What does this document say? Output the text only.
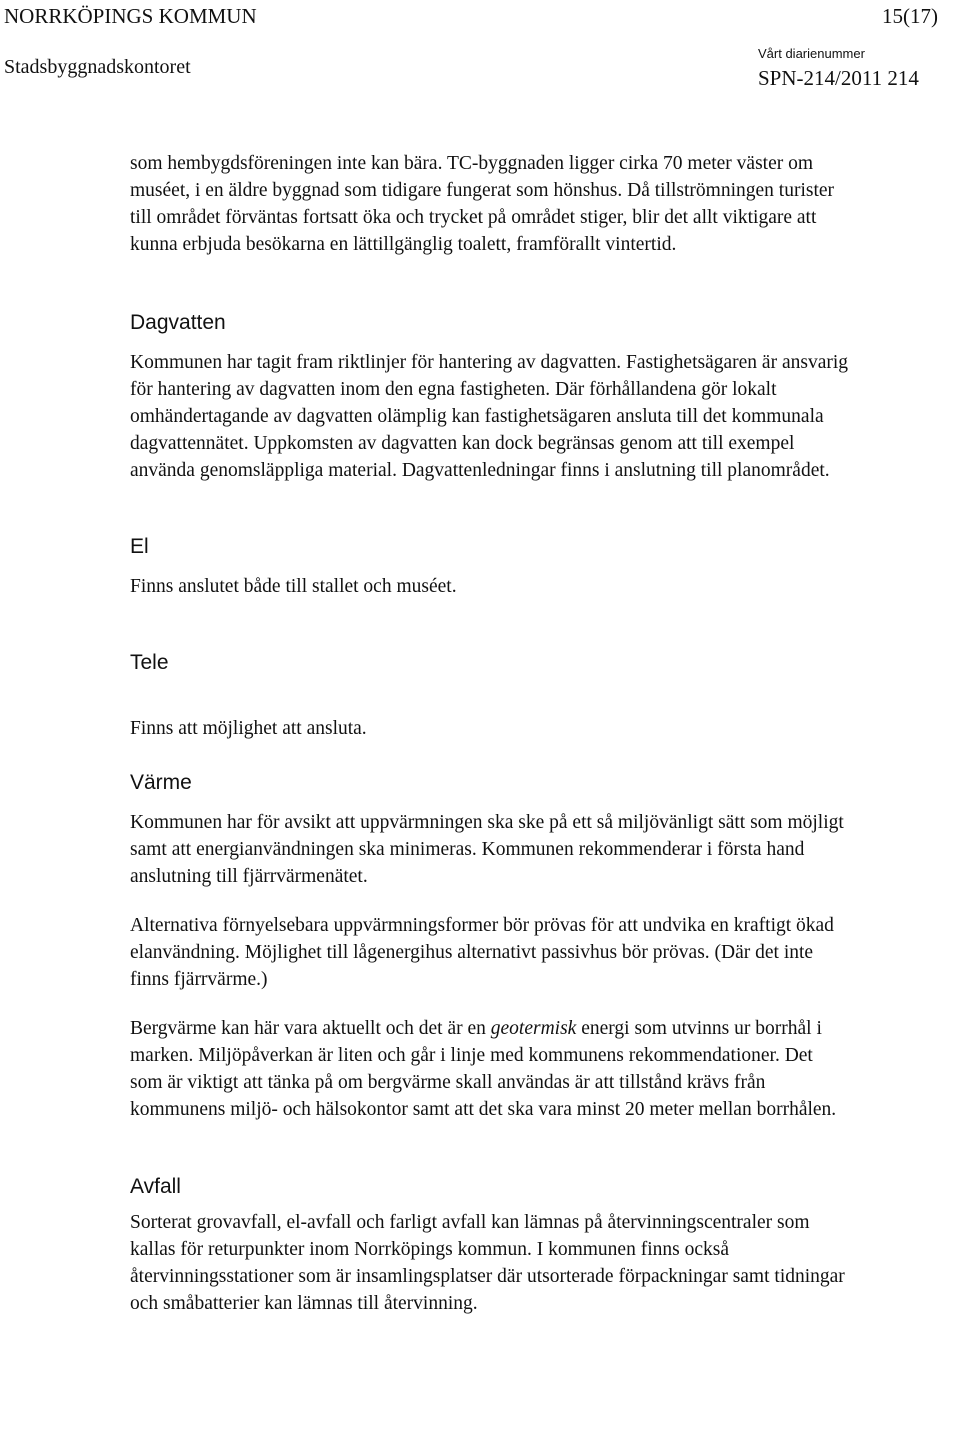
NORRKÖPINGS KOMMUN	15(17)
Stadsbyggnadskontoret
Vårt diarienummer
SPN-214/2011 214

som hembygdsföreningen inte kan bära. TC-byggnaden ligger cirka 70 meter väster om muséet, i en äldre byggnad som tidigare fungerat som hönshus. Då tillströmningen turister till området förväntas fortsatt öka och trycket på området stiger, blir det allt viktigare att kunna erbjuda besökarna en lättillgänglig toalett, framförallt vintertid.

Dagvatten

Kommunen har tagit fram riktlinjer för hantering av dagvatten. Fastighetsägaren är ansvarig för hantering av dagvatten inom den egna fastigheten. Där förhållandena gör lokalt omhändertagande av dagvatten olämplig kan fastighetsägaren ansluta till det kommunala dagvattennätet. Uppkomsten av dagvatten kan dock begränsas genom att till exempel använda genomsläppliga material. Dagvattenledningar finns i anslutning till planområdet.

El

Finns anslutet både till stallet och muséet.

Tele

Finns att möjlighet att ansluta.

Värme

Kommunen har för avsikt att uppvärmningen ska ske på ett så miljövänligt sätt som möjligt samt att energianvändningen ska minimeras. Kommunen rekommenderar i första hand anslutning till fjärrvärmenätet.

Alternativa förnyelsebara uppvärmningsformer bör prövas för att undvika en kraftigt ökad elanvändning. Möjlighet till lågenergihus alternativt passivhus bör prövas. (Där det inte finns fjärrvärme.)

Bergvärme kan här vara aktuellt och det är en geotermisk energi som utvinns ur borrhål i marken. Miljöpåverkan är liten och går i linje med kommunens rekommendationer. Det som är viktigt att tänka på om bergvärme skall användas är att tillstånd krävs från kommunens miljö- och hälsokontor samt att det ska vara minst 20 meter mellan borrhålen.

Avfall

Sorterat grovavfall, el-avfall och farligt avfall kan lämnas på återvinningscentraler som kallas för returpunkter inom Norrköpings kommun. I kommunen finns också återvinningsstationer som är insamlingsplatser där utsorterade förpackningar samt tidningar och småbatterier kan lämnas till återvinning.
